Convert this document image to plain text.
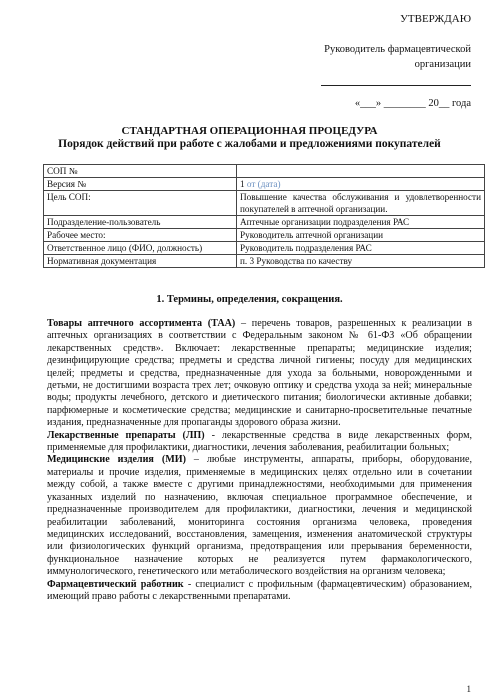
УТВЕРЖДАЮ
Руководитель фармацевтической организации
«___» ________ 20__ года
СТАНДАРТНАЯ ОПЕРАЦИОННАЯ ПРОЦЕДУРА
Порядок действий при работе с жалобами и предложениями покупателей
СОП №	
Версия №	1 от (дата)
Цель СОП:	Повышение качества обслуживания и удовлетворенности покупателей в аптечной организации.
Подразделение-пользователь	Аптечные организации подразделения РАС
Рабочее место:	Руководитель аптечной организации
Ответственное лицо (ФИО, должность)	Руководитель подразделения РАС
Нормативная документация	п. 3 Руководства по качеству
1. Термины, определения, сокращения.

Товары аптечного ассортимента (ТАА) – перечень товаров, разрешенных к реализации в аптечных организациях в соответствии с Федеральным законом № 61-ФЗ «Об обращении лекарственных средств». Включает: лекарственные препараты; медицинские изделия; дезинфицирующие средства; предметы и средства личной гигиены; посуду для медицинских целей; предметы и средства, предназначенные для ухода за больными, новорожденными и детьми, не достигшими возраста трех лет; очковую оптику и средства ухода за ней; минеральные воды; продукты лечебного, детского и диетического питания; биологически активные добавки; парфюмерные и косметические средства; медицинские и санитарно-просветительные печатные издания, предназначенные для пропаганды здорового образа жизни.

Лекарственные препараты (ЛП) - лекарственные средства в виде лекарственных форм, применяемые для профилактики, диагностики, лечения заболевания, реабилитации больных;

Медицинские изделия (МИ) – любые инструменты, аппараты, приборы, оборудование, материалы и прочие изделия, применяемые в медицинских целях отдельно или в сочетании между собой, а также вместе с другими принадлежностями, необходимыми для применения указанных изделий по назначению, включая специальное программное обеспечение, и предназначенные производителем для профилактики, диагностики, лечения и медицинской реабилитации заболеваний, мониторинга состояния организма человека, проведения медицинских исследований, восстановления, замещения, изменения анатомической структуры или физиологических функций организма, предотвращения или прерывания беременности, функциональное назначение которых не реализуется путем фармакологического, иммунологического, генетического или метаболического воздействия на организм человека;

Фармацевтический работник - специалист с профильным (фармацевтическим) образованием, имеющий право работы с лекарственными препаратами.

1
